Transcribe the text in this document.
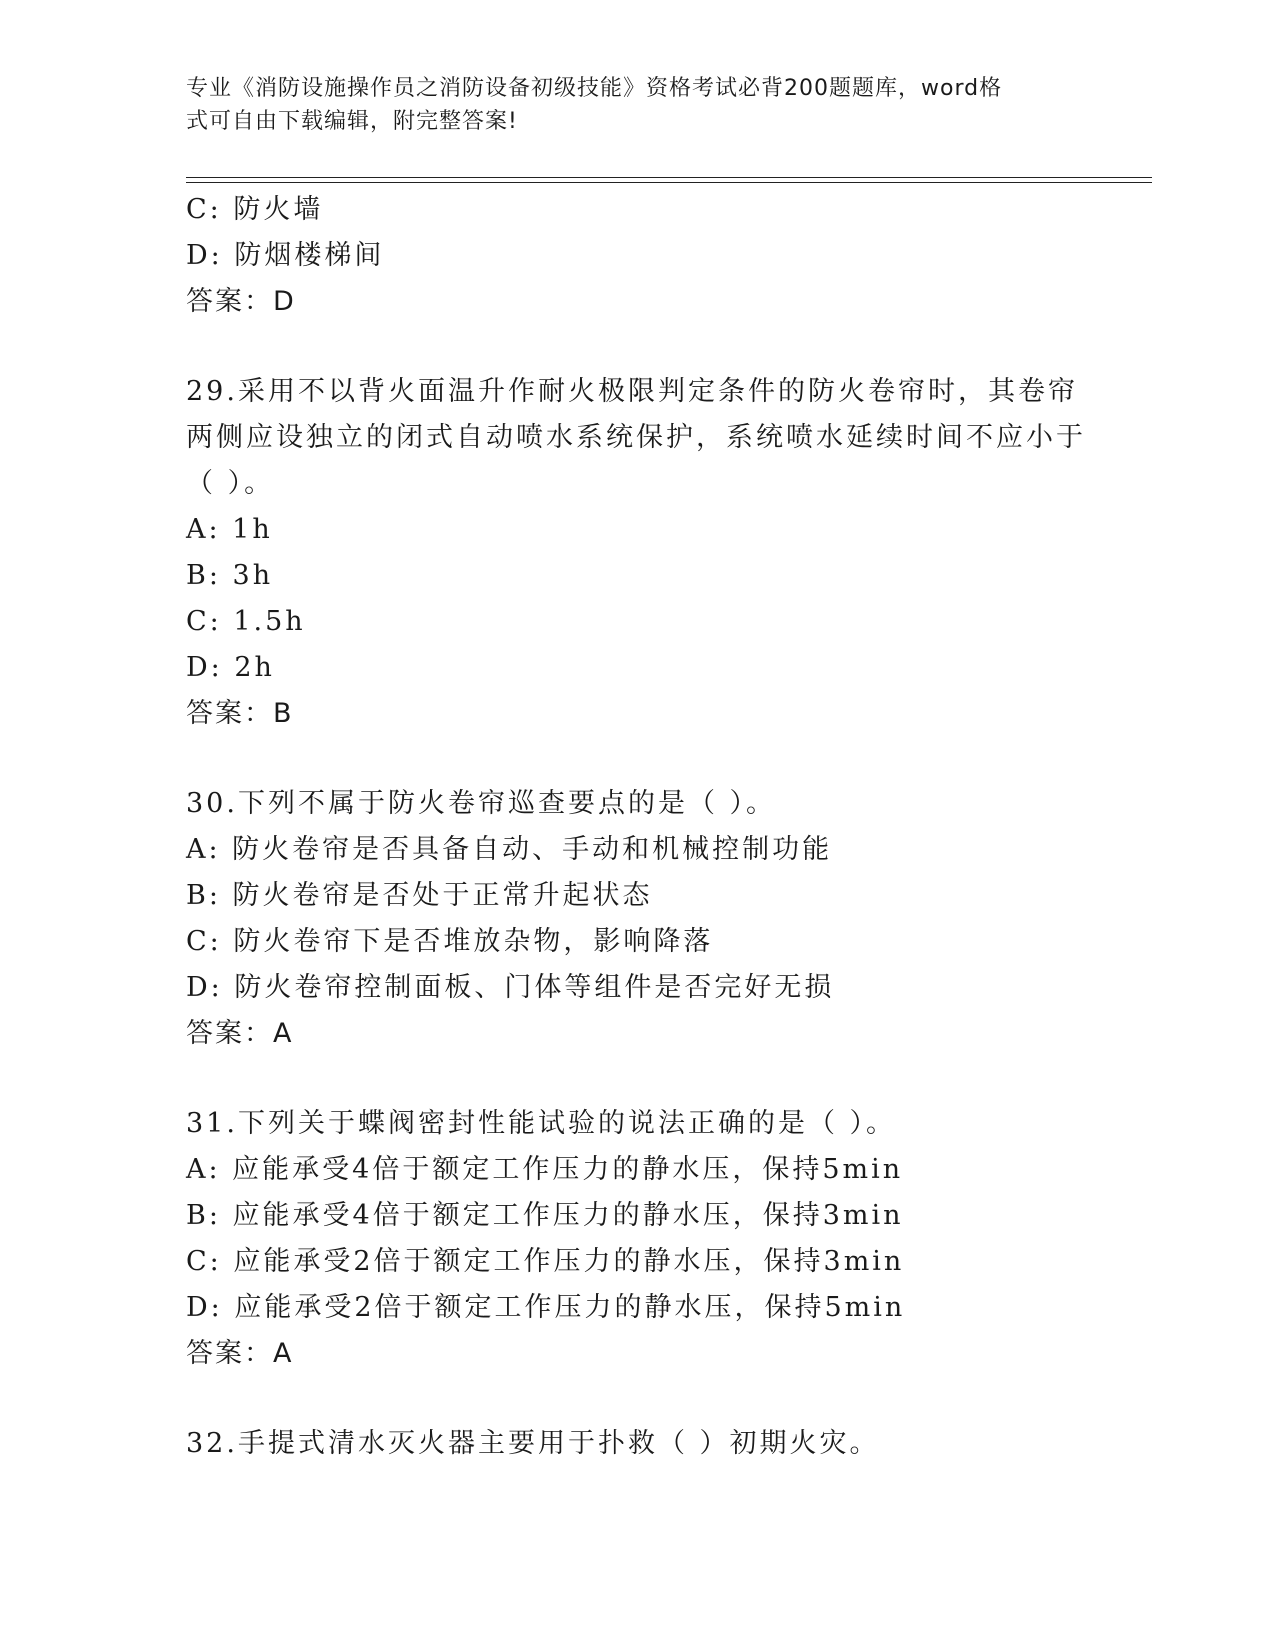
专业《消防设施操作员之消防设备初级技能》资格考试必背200题题库，word格
式可自由下载编辑，附完整答案!
C: 防火墙
D: 防烟楼梯间
答案：D
29.采用不以背火面温升作耐火极限判定条件的防火卷帘时，其卷帘两侧应设独立的闭式自动喷水系统保护，系统喷水延续时间不应小于（ ）。
A: 1h
B: 3h
C: 1.5h
D: 2h
答案：B
30.下列不属于防火卷帘巡查要点的是（ ）。
A: 防火卷帘是否具备自动、手动和机械控制功能
B: 防火卷帘是否处于正常升起状态
C: 防火卷帘下是否堆放杂物，影响降落
D: 防火卷帘控制面板、门体等组件是否完好无损
答案：A
31.下列关于蝶阀密封性能试验的说法正确的是（ ）。
A: 应能承受4倍于额定工作压力的静水压，保持5min
B: 应能承受4倍于额定工作压力的静水压，保持3min
C: 应能承受2倍于额定工作压力的静水压，保持3min
D: 应能承受2倍于额定工作压力的静水压，保持5min
答案：A
32.手提式清水灭火器主要用于扑救（ ）初期火灾。
